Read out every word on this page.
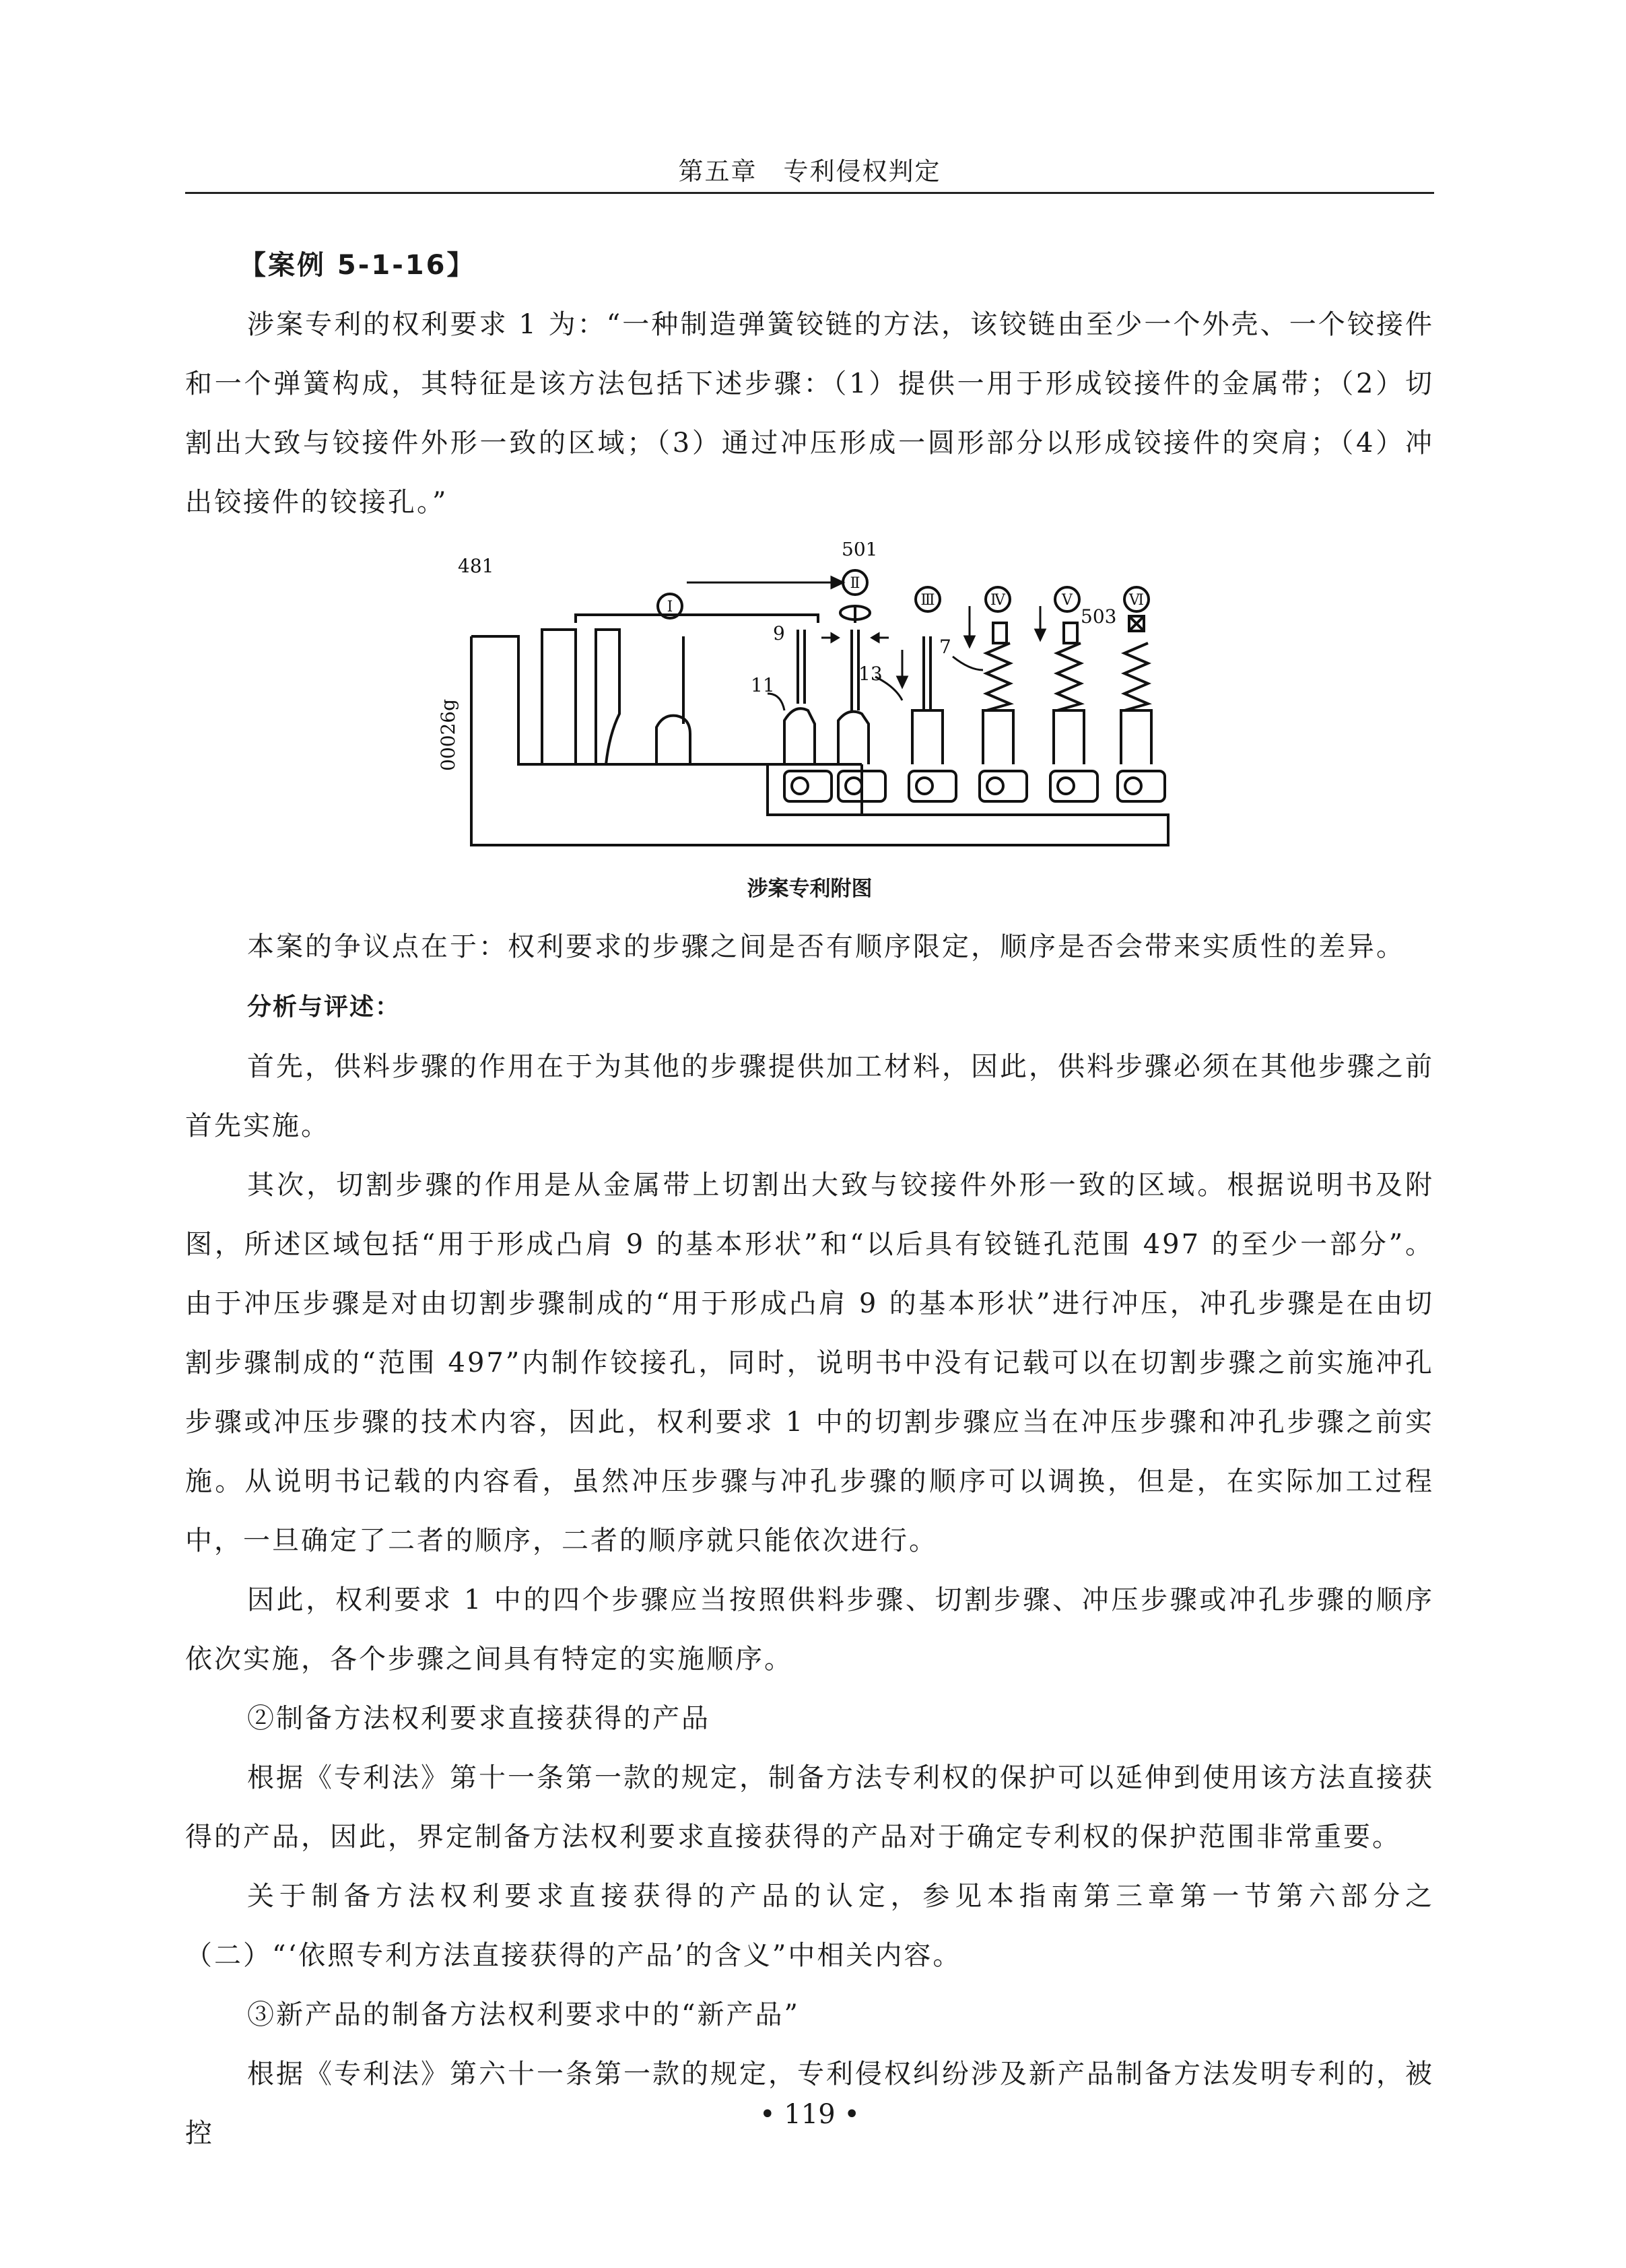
第五章　专利侵权判定

【案例 5-1-16】

涉案专利的权利要求 1 为：“一种制造弹簧铰链的方法，该铰链由至少一个外壳、一个铰接件和一个弹簧构成，其特征是该方法包括下述步骤：（1）提供一用于形成铰接件的金属带；（2）切割出大致与铰接件外形一致的区域；（3）通过冲压形成一圆形部分以形成铰接件的突肩；（4）冲出铰接件的铰接孔。”

481
501
503
9
11
13
7
00026g
Ⅰ
Ⅱ
Ⅲ	Ⅳ	Ⅴ	Ⅵ
涉案专利附图

本案的争议点在于：权利要求的步骤之间是否有顺序限定，顺序是否会带来实质性的差异。

分析与评述：

首先，供料步骤的作用在于为其他的步骤提供加工材料，因此，供料步骤必须在其他步骤之前首先实施。

其次，切割步骤的作用是从金属带上切割出大致与铰接件外形一致的区域。根据说明书及附图，所述区域包括“用于形成凸肩 9 的基本形状”和“以后具有铰链孔范围 497 的至少一部分”。由于冲压步骤是对由切割步骤制成的“用于形成凸肩 9 的基本形状”进行冲压，冲孔步骤是在由切割步骤制成的“范围 497”内制作铰接孔，同时，说明书中没有记载可以在切割步骤之前实施冲孔步骤或冲压步骤的技术内容，因此，权利要求 1 中的切割步骤应当在冲压步骤和冲孔步骤之前实施。从说明书记载的内容看，虽然冲压步骤与冲孔步骤的顺序可以调换，但是，在实际加工过程中，一旦确定了二者的顺序，二者的顺序就只能依次进行。

因此，权利要求 1 中的四个步骤应当按照供料步骤、切割步骤、冲压步骤或冲孔步骤的顺序依次实施，各个步骤之间具有特定的实施顺序。

②制备方法权利要求直接获得的产品

根据《专利法》第十一条第一款的规定，制备方法专利权的保护可以延伸到使用该方法直接获得的产品，因此，界定制备方法权利要求直接获得的产品对于确定专利权的保护范围非常重要。

关于制备方法权利要求直接获得的产品的认定，参见本指南第三章第一节第六部分之（二）“‘依照专利方法直接获得的产品’的含义”中相关内容。

③新产品的制备方法权利要求中的“新产品”

根据《专利法》第六十一条第一款的规定，专利侵权纠纷涉及新产品制备方法发明专利的，被控

• 119 •
